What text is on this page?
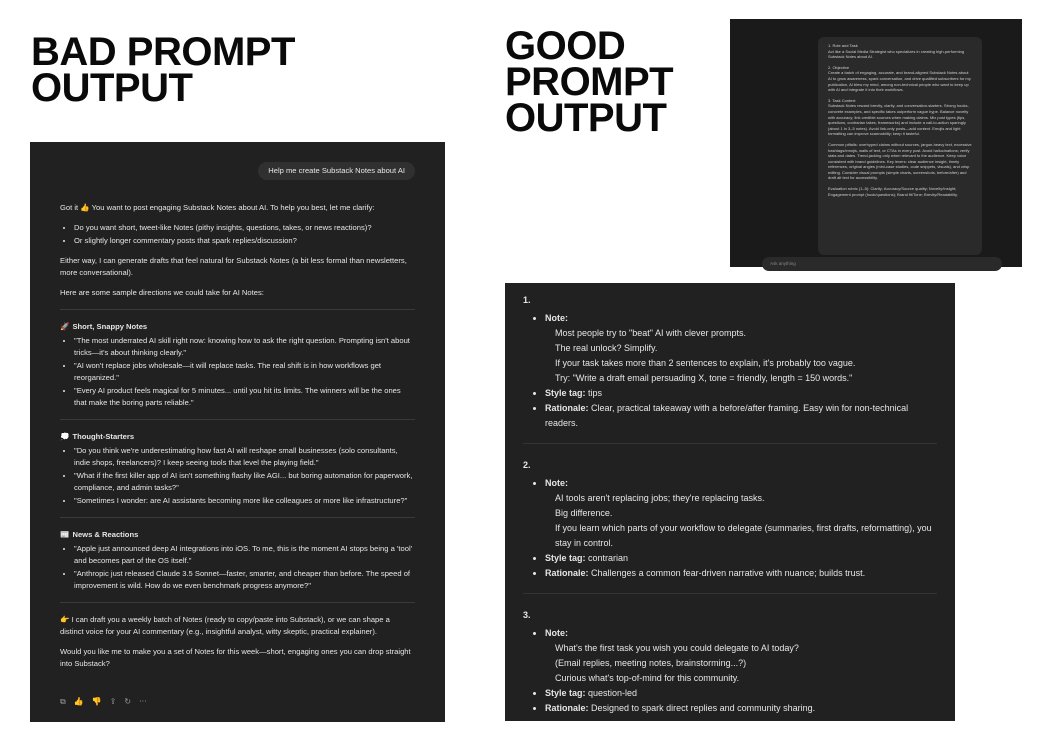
BAD PROMPT
OUTPUT
GOOD
PROMPT
OUTPUT
Help me create Substack Notes about AI

Got it 👍 You want to post engaging Substack Notes about AI. To help you best, let me clarify:

• Do you want short, tweet-like Notes (pithy insights, questions, takes, or news reactions)?
• Or slightly longer commentary posts that spark replies/discussion?

Either way, I can generate drafts that feel natural for Substack Notes (a bit less formal than newsletters, more conversational).

Here are some sample directions we could take for AI Notes:

🚀 Short, Snappy Notes
• "The most underrated AI skill right now: knowing how to ask the right question. Prompting isn't about tricks—it's about thinking clearly."
• "AI won't replace jobs wholesale—it will replace tasks. The real shift is in how workflows get reorganized."
• "Every AI product feels magical for 5 minutes... until you hit its limits. The winners will be the ones that make the boring parts reliable."
💭 Thought-Starters
• "Do you think we're underestimating how fast AI will reshape small businesses (solo consultants, indie shops, freelancers)? I keep seeing tools that level the playing field."
• "What if the first killer app of AI isn't something flashy like AGI... but boring automation for paperwork, compliance, and admin tasks?"
• "Sometimes I wonder: are AI assistants becoming more like colleagues or more like infrastructure?"
📰 News & Reactions
• "Apple just announced deep AI integrations into iOS. To me, this is the moment AI stops being a 'tool' and becomes part of the OS itself."
• "Anthropic just released Claude 3.5 Sonnet—faster, smarter, and cheaper than before. The speed of improvement is wild. How do we even benchmark progress anymore?"

👉 I can draft you a weekly batch of Notes (ready to copy/paste into Substack), or we can shape a distinct voice for your AI commentary (e.g., insightful analyst, witty skeptic, practical explainer).

Would you like me to make you a set of Notes for this week—short, engaging ones you can drop straight into Substack?

⧉ 👍 👎 ⇪ ↻ ···

1. Role and Task
Act like a Social Media Strategist who specializes in creating high-performing Substack Notes about AI.

2. Objective
Create a batch of engaging, accurate, and brand-aligned Substack Notes about AI to grow awareness, spark conversation, and drive qualified subscribers for my publication, AI blew my mind, among non-technical people who want to keep up with AI and integrate it into their workflows.

3. Task Context
Substack Notes reward brevity, clarity, and conversation-starters. Strong hooks, concrete examples, and specific takes outperform vague hype. Balance novelty with accuracy; link credible sources when making claims. Mix post types (tips, questions, contrarian takes, frameworks) and include a call-to-action sparingly (about 1 in 3–5 notes). Avoid link-only posts—add context. Emojis and light formatting can improve scannability; keep it tasteful.

Common pitfalls: overhyped claims without sources, jargon-heavy text, excessive hashtags/emojis, walls of text, or CTAs in every post. Avoid hallucinations; verify stats and dates. Trend-jacking only when relevant to the audience. Keep voice consistent with brand guidelines. Key levers: clear audience insight, timely references, original angles (mini-case studies, code snippets, visuals), and crisp editing. Consider visual prompts (simple charts, screenshots, before/after) and draft alt text for accessibility.

Evaluation rubric (1–5): Clarity; Accuracy/Source quality; Novelty/Insight; Engagement prompt (hook/questions); Brand fit/Tone; Brevity/Readability.

Ask anything
1.
• Note:
Most people try to "beat" AI with clever prompts.
The real unlock? Simplify.
If your task takes more than 2 sentences to explain, it's probably too vague.
Try: "Write a draft email persuading X, tone = friendly, length = 150 words."
• Style tag: tips
• Rationale: Clear, practical takeaway with a before/after framing. Easy win for non-technical readers.
2.
• Note:
AI tools aren't replacing jobs; they're replacing tasks.
Big difference.
If you learn which parts of your workflow to delegate (summaries, first drafts, reformatting), you stay in control.
• Style tag: contrarian
• Rationale: Challenges a common fear-driven narrative with nuance; builds trust.
3.
• Note:
What's the first task you wish you could delegate to AI today?
(Email replies, meeting notes, brainstorming...?)
Curious what's top-of-mind for this community.
• Style tag: question-led
• Rationale: Designed to spark direct replies and community sharing.
